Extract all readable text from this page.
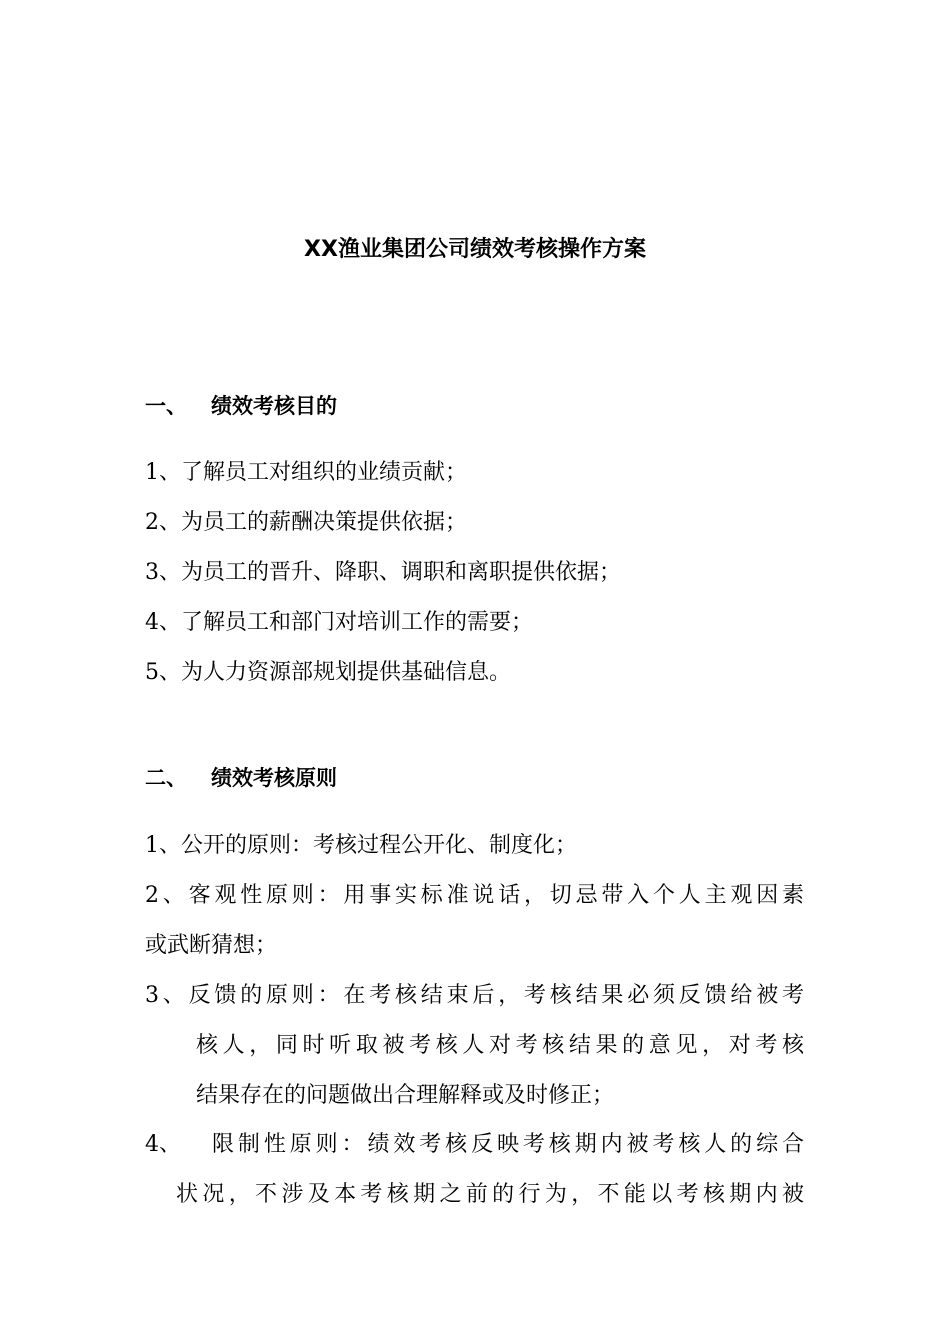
XX渔业集团公司绩效考核操作方案
一、 绩效考核目的

1、了解员工对组织的业绩贡献；

2、为员工的薪酬决策提供依据；

3、为员工的晋升、降职、调职和离职提供依据；

4、了解员工和部门对培训工作的需要；

5、为人力资源部规划提供基础信息。

二、 绩效考核原则

1、公开的原则：考核过程公开化、制度化；

2、客观性原则：用事实标准说话，切忌带入个人主观因素

或武断猜想；

3、反馈的原则：在考核结束后，考核结果必须反馈给被考

核人，同时听取被考核人对考核结果的意见，对考核

结果存在的问题做出合理解释或及时修正；

4、 限制性原则：绩效考核反映考核期内被考核人的综合

状况，不涉及本考核期之前的行为，不能以考核期内被
